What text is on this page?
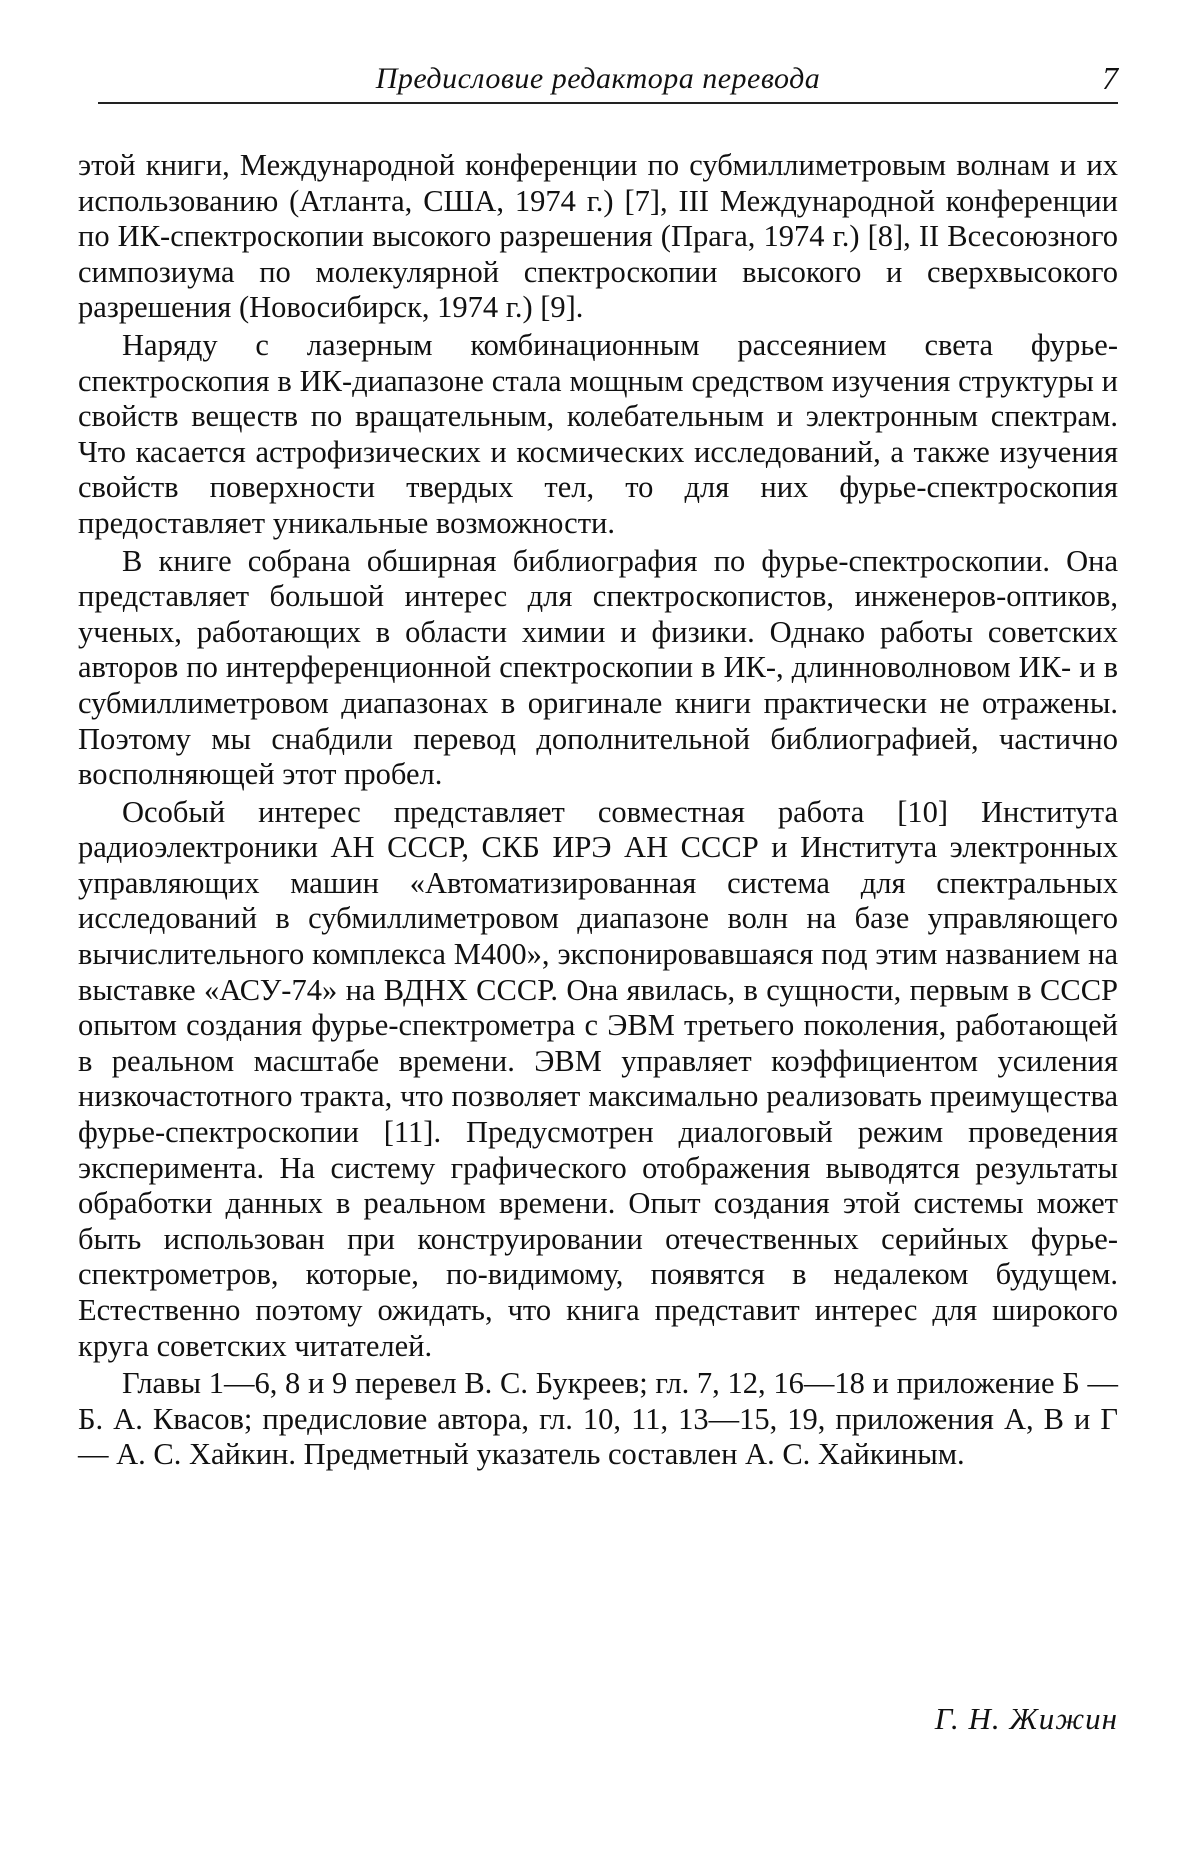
Предисловие редактора перевода	7

этой книги, Международной конференции по субмиллиметровым волнам и их использованию (Атланта, США, 1974 г.) [7], III Международной конференции по ИК-спектроскопии высокого разрешения (Прага, 1974 г.) [8], II Всесоюзного симпозиума по молекулярной спектроскопии высокого и сверхвысокого разрешения (Новосибирск, 1974 г.) [9].

Наряду с лазерным комбинационным рассеянием света фурье-спектроскопия в ИК-диапазоне стала мощным средством изучения структуры и свойств веществ по вращательным, колебательным и электронным спектрам. Что касается астрофизических и космических исследований, а также изучения свойств поверхности твердых тел, то для них фурье-спектроскопия предоставляет уникальные возможности.

В книге собрана обширная библиография по фурье-спектроскопии. Она представляет большой интерес для спектроскопистов, инженеров-оптиков, ученых, работающих в области химии и физики. Однако работы советских авторов по интерференционной спектроскопии в ИК-, длинноволновом ИК- и в субмиллиметровом диапазонах в оригинале книги практически не отражены. Поэтому мы снабдили перевод дополнительной библиографией, частично восполняющей этот пробел.

Особый интерес представляет совместная работа [10] Института радиоэлектроники АН СССР, СКБ ИРЭ АН СССР и Института электронных управляющих машин «Автоматизированная система для спектральных исследований в субмиллиметровом диапазоне волн на базе управляющего вычислительного комплекса М400», экспонировавшаяся под этим названием на выставке «АСУ-74» на ВДНХ СССР. Она явилась, в сущности, первым в СССР опытом создания фурье-спектрометра с ЭВМ третьего поколения, работающей в реальном масштабе времени. ЭВМ управляет коэффициентом усиления низкочастотного тракта, что позволяет максимально реализовать преимущества фурье-спектроскопии [11]. Предусмотрен диалоговый режим проведения эксперимента. На систему графического отображения выводятся результаты обработки данных в реальном времени. Опыт создания этой системы может быть использован при конструировании отечественных серийных фурье-спектрометров, которые, по-видимому, появятся в недалеком будущем. Естественно поэтому ожидать, что книга представит интерес для широкого круга советских читателей.

Главы 1—6, 8 и 9 перевел В. С. Букреев; гл. 7, 12, 16—18 и приложение Б — Б. А. Квасов; предисловие автора, гл. 10, 11, 13—15, 19, приложения А, В и Г — А. С. Хайкин. Предметный указатель составлен А. С. Хайкиным.

Г. Н. Жижин
